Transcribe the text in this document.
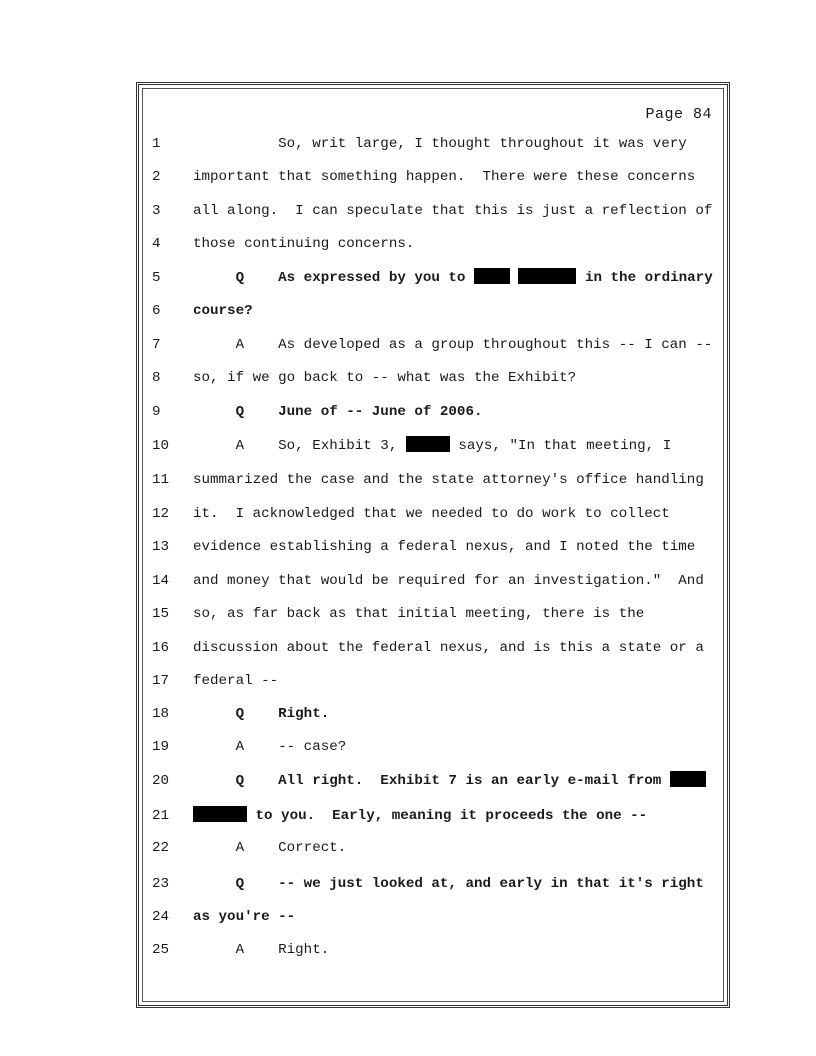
Page 84
1	So, writ large, I thought throughout it was very
2	important that something happen.  There were these concerns
3	all along.  I can speculate that this is just a reflection of
4	those continuing concerns.
5	Q    As expressed by you to	in the ordinary
6	course?
7	A    As developed as a group throughout this -- I can --
8	so, if we go back to -- what was the Exhibit?
9	Q    June of -- June of 2006.
10 A    So, Exhibit 3,	says, "In that meeting, I
11 summarized the case and the state attorney's office handling
12 it.  I acknowledged that we needed to do work to collect
13 evidence establishing a federal nexus, and I noted the time
14 and money that would be required for an investigation."  And
15 so, as far back as that initial meeting, there is the
16 discussion about the federal nexus, and is this a state or a
17 federal --
18 Q    Right.
19 A    -- case?
20 Q    All right.  Exhibit 7 is an early e-mail from
21	to you.  Early, meaning it proceeds the one --
22 A    Correct.
23 Q    -- we just looked at, and early in that it's right
24 as you're --
25 A    Right.
